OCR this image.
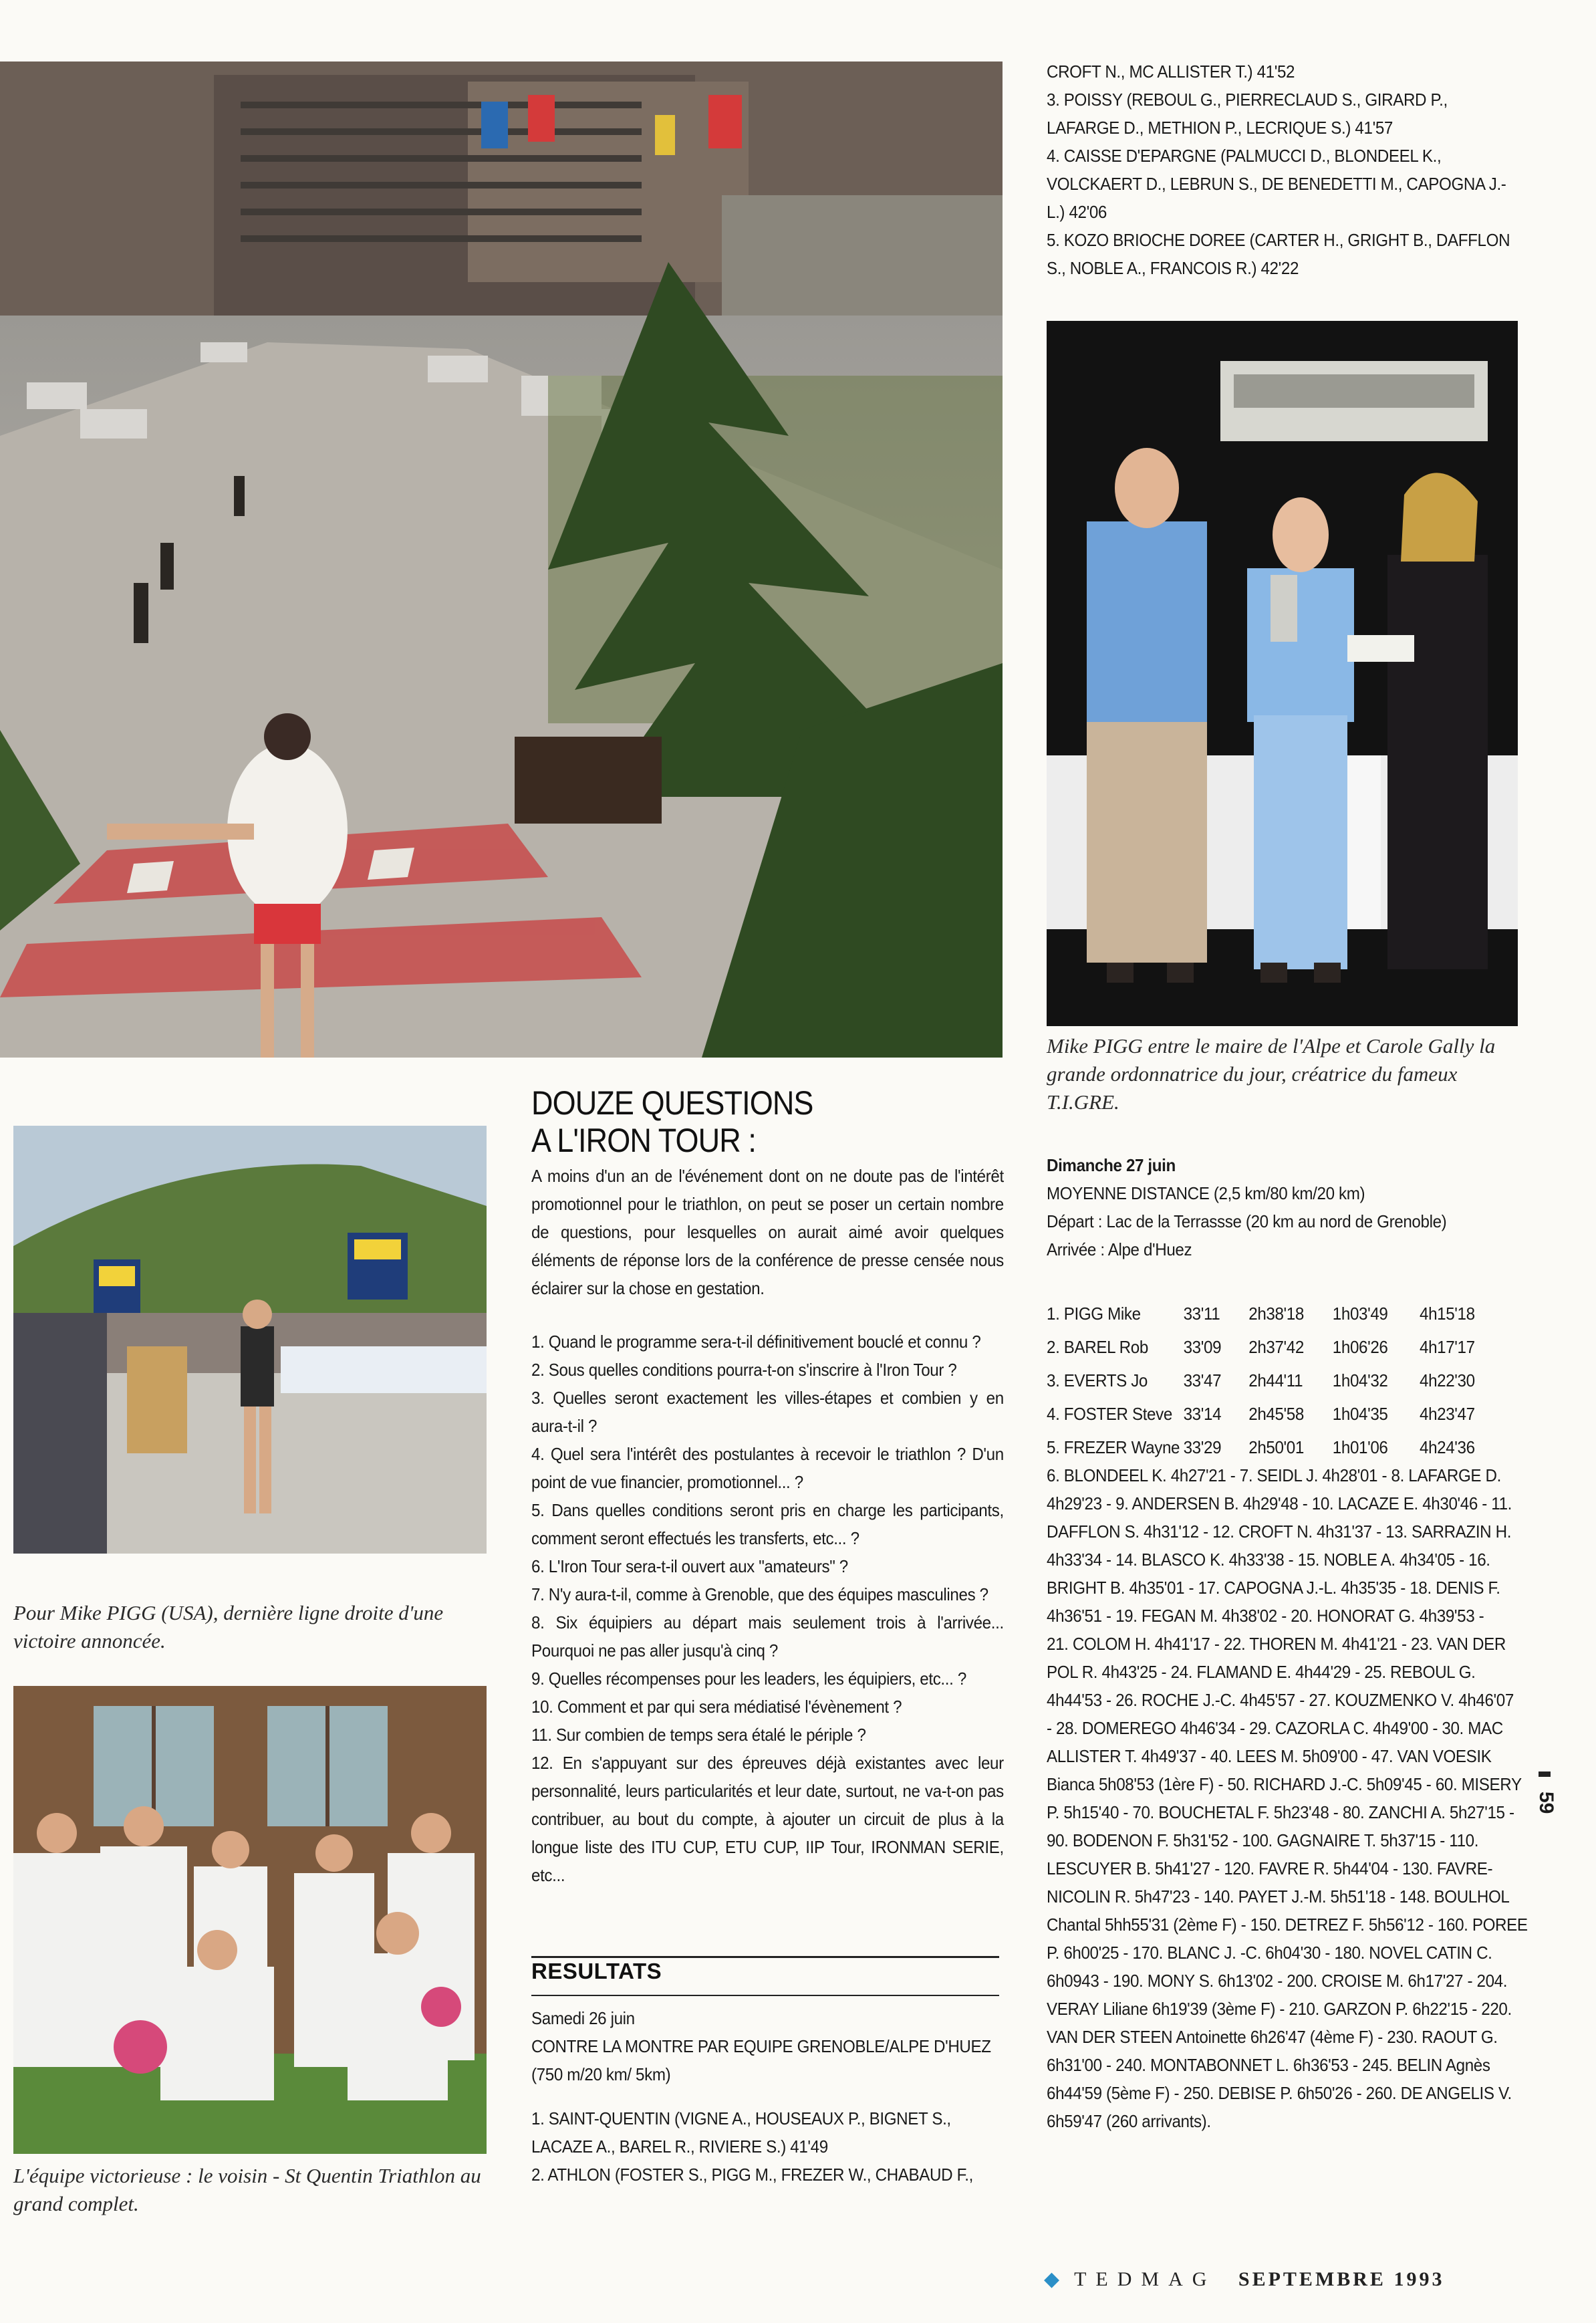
CROFT N., MC ALLISTER T.) 41'52
3. POISSY (REBOUL G., PIERRECLAUD S., GIRARD P., LAFARGE D., METHION P., LECRIQUE S.) 41'57
4. CAISSE D'EPARGNE (PALMUCCI D., BLONDEEL K., VOLCKAERT D., LEBRUN S., DE BENEDETTI M., CAPOGNA J.-L.) 42'06
5. KOZO BRIOCHE DOREE (CARTER H., GRIGHT B., DAFFLON S., NOBLE A., FRANCOIS R.) 42'22
Mike PIGG entre le maire de l'Alpe et Carole Gally la grande ordonnatrice du jour, créatrice du fameux T.I.GRE.
Dimanche 27 juin
MOYENNE DISTANCE (2,5 km/80 km/20 km)
Départ : Lac de la Terrassse (20 km au nord de Grenoble)
Arrivée : Alpe d'Huez
1. PIGG Mike	33'11	2h38'18	1h03'49	4h15'18
2. BAREL Rob	33'09	2h37'42	1h06'26	4h17'17
3. EVERTS Jo	33'47	2h44'11	1h04'32	4h22'30
4. FOSTER Steve	33'14	2h45'58	1h04'35	4h23'47
5. FREZER Wayne	33'29	2h50'01	1h01'06	4h24'36
6. BLONDEEL K. 4h27'21 - 7. SEIDL J. 4h28'01 - 8. LAFARGE D.
4h29'23 - 9. ANDERSEN B. 4h29'48 - 10. LACAZE E. 4h30'46 - 11.
DAFFLON S. 4h31'12 - 12. CROFT N. 4h31'37 - 13. SARRAZIN H.
4h33'34 - 14. BLASCO K. 4h33'38 - 15. NOBLE A. 4h34'05 - 16.
BRIGHT B. 4h35'01 - 17. CAPOGNA J.-L. 4h35'35 - 18. DENIS F.
4h36'51 - 19. FEGAN M. 4h38'02 - 20. HONORAT G. 4h39'53 -
21. COLOM H. 4h41'17 - 22. THOREN M. 4h41'21 - 23. VAN DER
POL R. 4h43'25 - 24. FLAMAND E. 4h44'29 - 25. REBOUL G.
4h44'53 - 26. ROCHE J.-C. 4h45'57 - 27. KOUZMENKO V. 4h46'07
- 28. DOMEREGO 4h46'34 - 29. CAZORLA C. 4h49'00 - 30. MAC
ALLISTER T. 4h49'37 - 40. LEES M. 5h09'00 - 47. VAN VOESIK
Bianca 5h08'53 (1ère F) - 50. RICHARD J.-C. 5h09'45 - 60. MISERY
P. 5h15'40 - 70. BOUCHETAL F. 5h23'48 - 80. ZANCHI A. 5h27'15 -
90. BODENON F. 5h31'52 - 100. GAGNAIRE T. 5h37'15 - 110.
LESCUYER B. 5h41'27 - 120. FAVRE R. 5h44'04 - 130. FAVRE-
NICOLIN R. 5h47'23 - 140. PAYET J.-M. 5h51'18 - 148. BOULHOL
Chantal 5hh55'31 (2ème F) - 150. DETREZ F. 5h56'12 - 160. POREE
P. 6h00'25 - 170. BLANC J. -C. 6h04'30 - 180. NOVEL CATIN C.
6h0943 - 190. MONY S. 6h13'02 - 200. CROISE M. 6h17'27 - 204.
VERAY Liliane 6h19'39 (3ème F) - 210. GARZON P. 6h22'15 - 220.
VAN DER STEEN Antoinette 6h26'47 (4ème F) - 230. RAOUT G.
6h31'00 - 240. MONTABONNET L. 6h36'53 - 245. BELIN Agnès
6h44'59 (5ème F) - 250. DEBISE P. 6h50'26 - 260. DE ANGELIS V.
6h59'47 (260 arrivants).
Pour Mike PIGG (USA), dernière ligne droite d'une victoire annoncée.
DOUZE QUESTIONS
A L'IRON TOUR :
A moins d'un an de l'événement dont on ne doute pas de l'intérêt promotionnel pour le triathlon, on peut se poser un certain nombre de questions, pour lesquelles on aurait aimé avoir quelques éléments de réponse lors de la conférence de presse censée nous éclairer sur la chose en gestation.
1. Quand le programme sera-t-il définitivement bouclé et connu ?
2. Sous quelles conditions pourra-t-on s'inscrire à l'Iron Tour ?
3. Quelles seront exactement les villes-étapes et combien y en aura-t-il ?
4. Quel sera l'intérêt des postulantes à recevoir le triathlon ? D'un point de vue financier, promotionnel... ?
5. Dans quelles conditions seront pris en charge les participants, comment seront effectués les transferts, etc... ?
6. L'Iron Tour sera-t-il ouvert aux "amateurs" ?
7. N'y aura-t-il, comme à Grenoble, que des équipes masculines ?
8. Six équipiers au départ mais seulement trois à l'arrivée... Pourquoi ne pas aller jusqu'à cinq ?
9. Quelles récompenses pour les leaders, les équipiers, etc... ?
10. Comment et par qui sera médiatisé l'évènement ?
11. Sur combien de temps sera étalé le périple ?
12. En s'appuyant sur des épreuves déjà existantes avec leur personnalité, leurs particularités et leur date, surtout, ne va-t-on pas contribuer, au bout du compte, à ajouter un circuit de plus à la longue liste des ITU CUP, ETU CUP, IIP Tour, IRONMAN SERIE, etc...
RESULTATS
Samedi 26 juin
CONTRE LA MONTRE PAR EQUIPE GRENOBLE/ALPE D'HUEZ (750 m/20 km/ 5km)
1. SAINT-QUENTIN (VIGNE A., HOUSEAUX P., BIGNET S., LACAZE A., BAREL R., RIVIERE S.) 41'49
2. ATHLON (FOSTER S., PIGG M., FREZER W., CHABAUD F.,
L'équipe victorieuse : le voisin - St Quentin Triathlon au grand complet.
59
◆ TEDMAG SEPTEMBRE 1993
